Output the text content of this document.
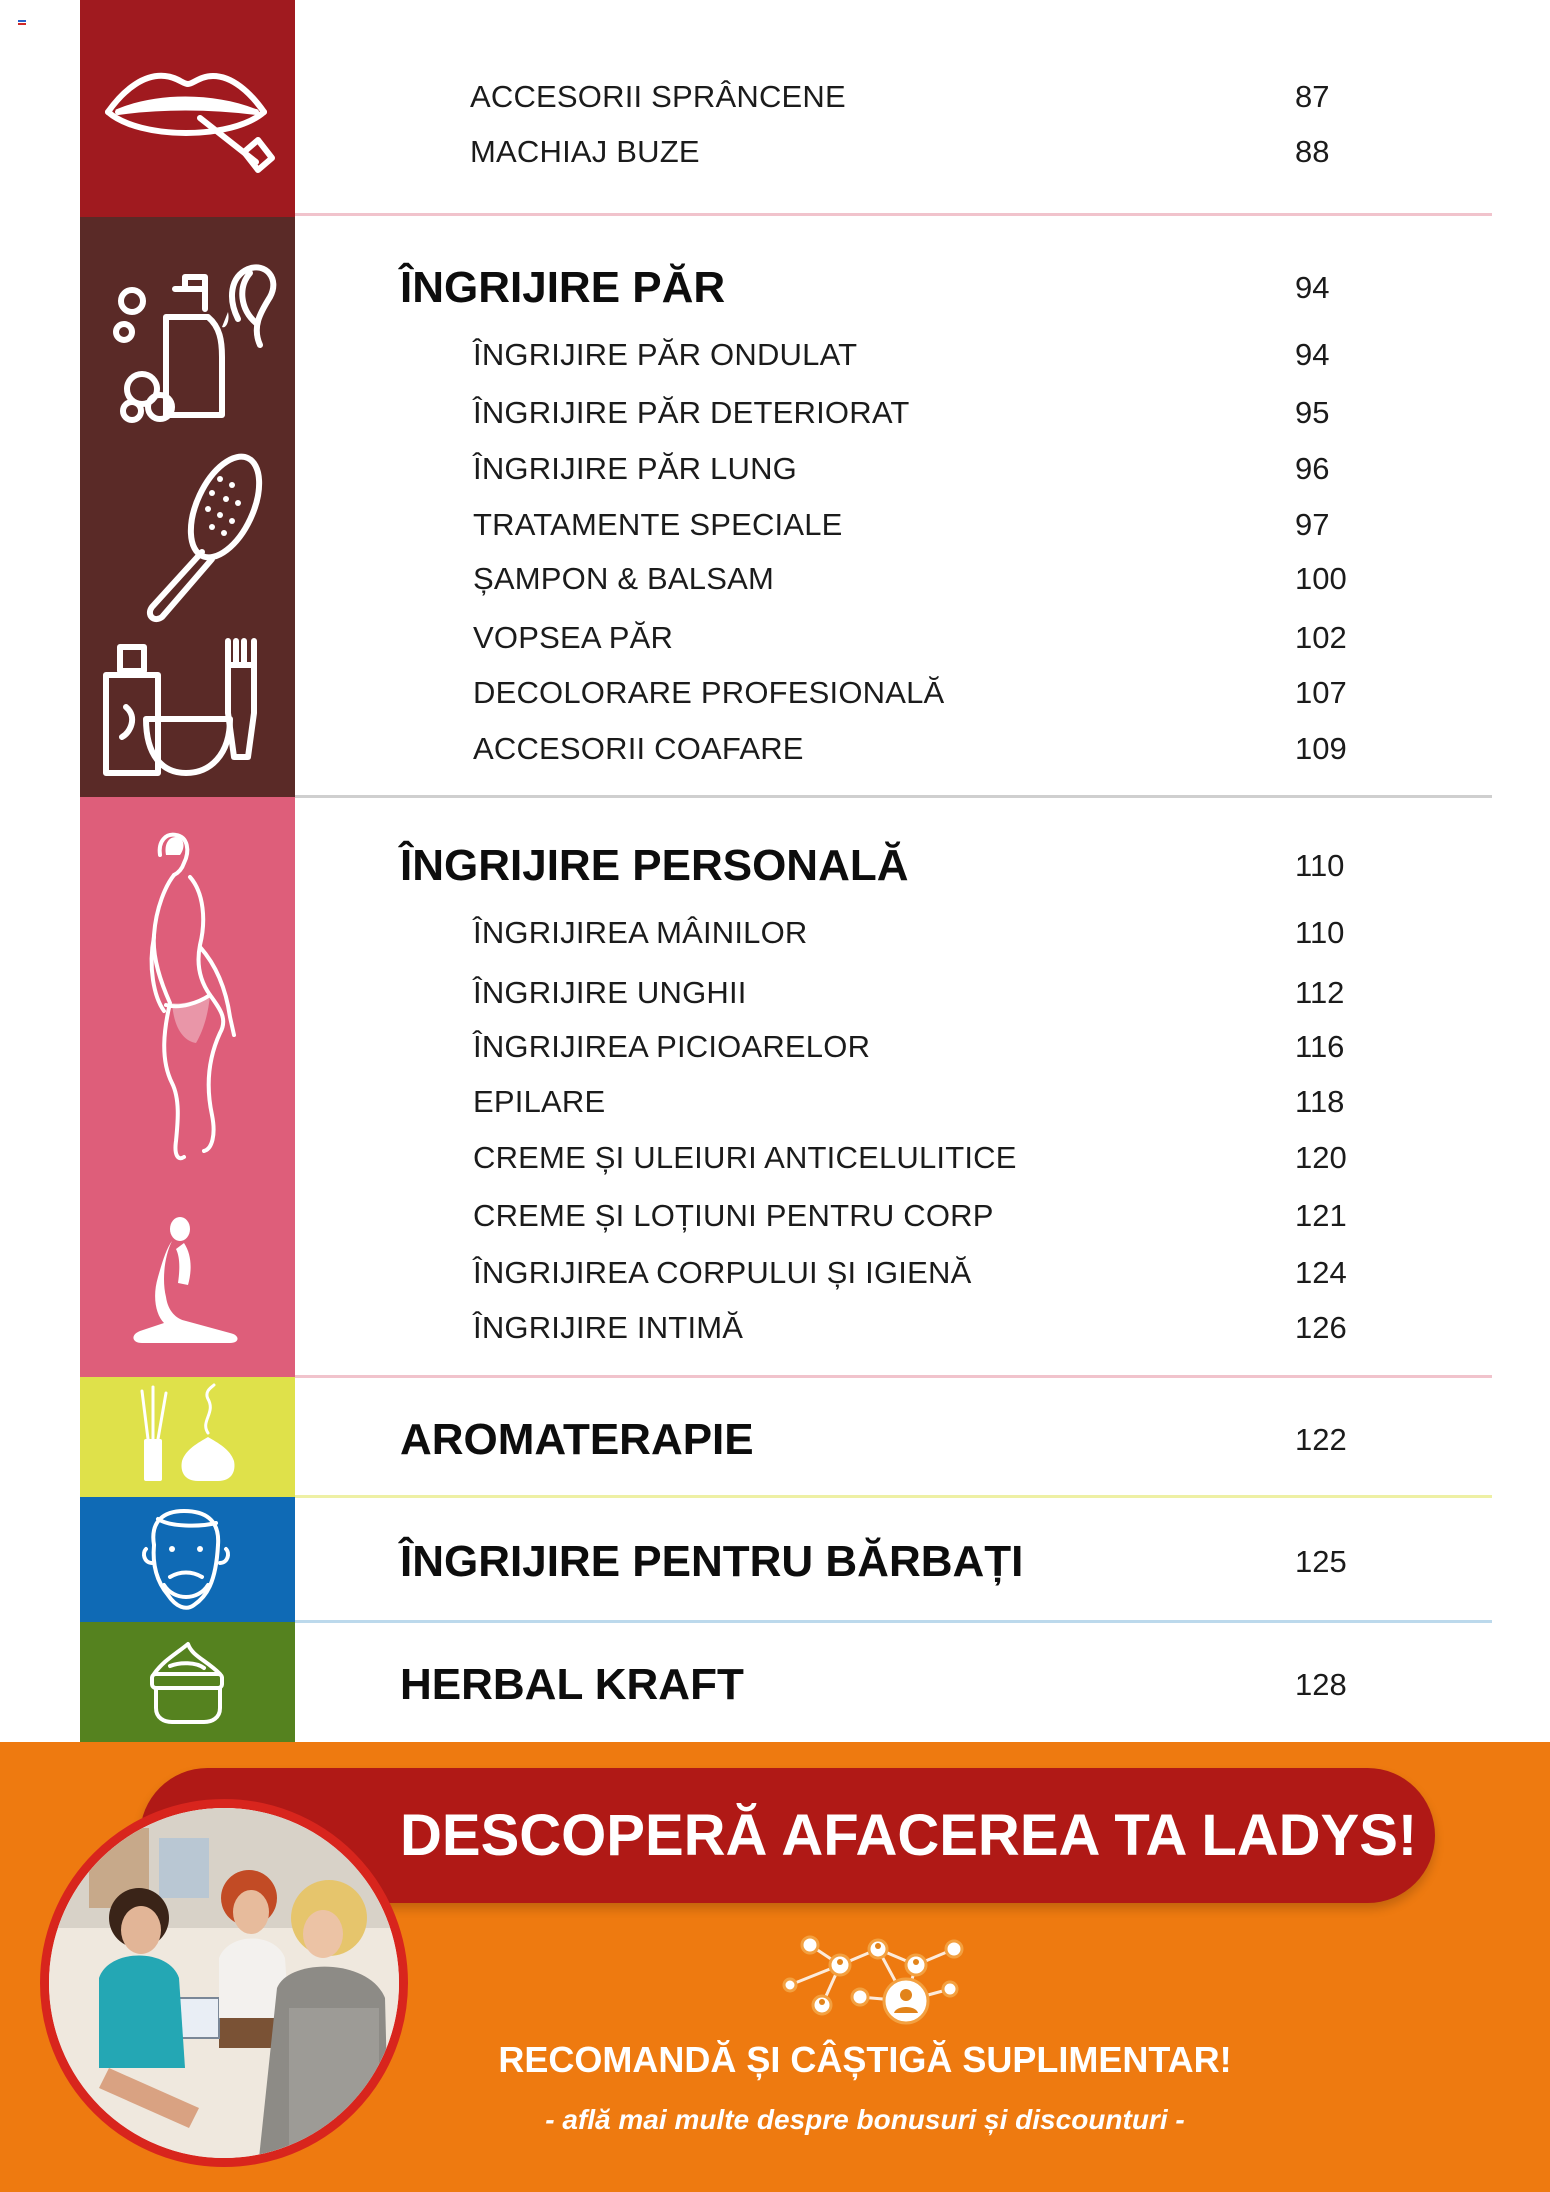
ACCESORII SPRÂNCENE	87
MACHIAJ BUZE	88
ÎNGRIJIRE PĂR	94
ÎNGRIJIRE PĂR ONDULAT	94
ÎNGRIJIRE PĂR DETERIORAT	95
ÎNGRIJIRE PĂR LUNG	96
TRATAMENTE SPECIALE	97
ȘAMPON & BALSAM	100
VOPSEA PĂR	102
DECOLORARE PROFESIONALĂ	107
ACCESORII COAFARE	109
ÎNGRIJIRE PERSONALĂ	110
ÎNGRIJIREA MÂINILOR	110
ÎNGRIJIRE UNGHII	112
ÎNGRIJIREA PICIOARELOR	116
EPILARE	118
CREME ȘI ULEIURI ANTICELULITICE	120
CREME ȘI LOȚIUNI PENTRU CORP	121
ÎNGRIJIREA CORPULUI ȘI IGIENĂ	124
ÎNGRIJIRE INTIMĂ	126
AROMATERAPIE	122
ÎNGRIJIRE PENTRU BĂRBAȚI	125
HERBAL KRAFT	128
DESCOPERĂ AFACEREA TA LADYS!
RECOMANDĂ ȘI CÂȘTIGĂ SUPLIMENTAR!
- află mai multe despre bonusuri și discounturi -
